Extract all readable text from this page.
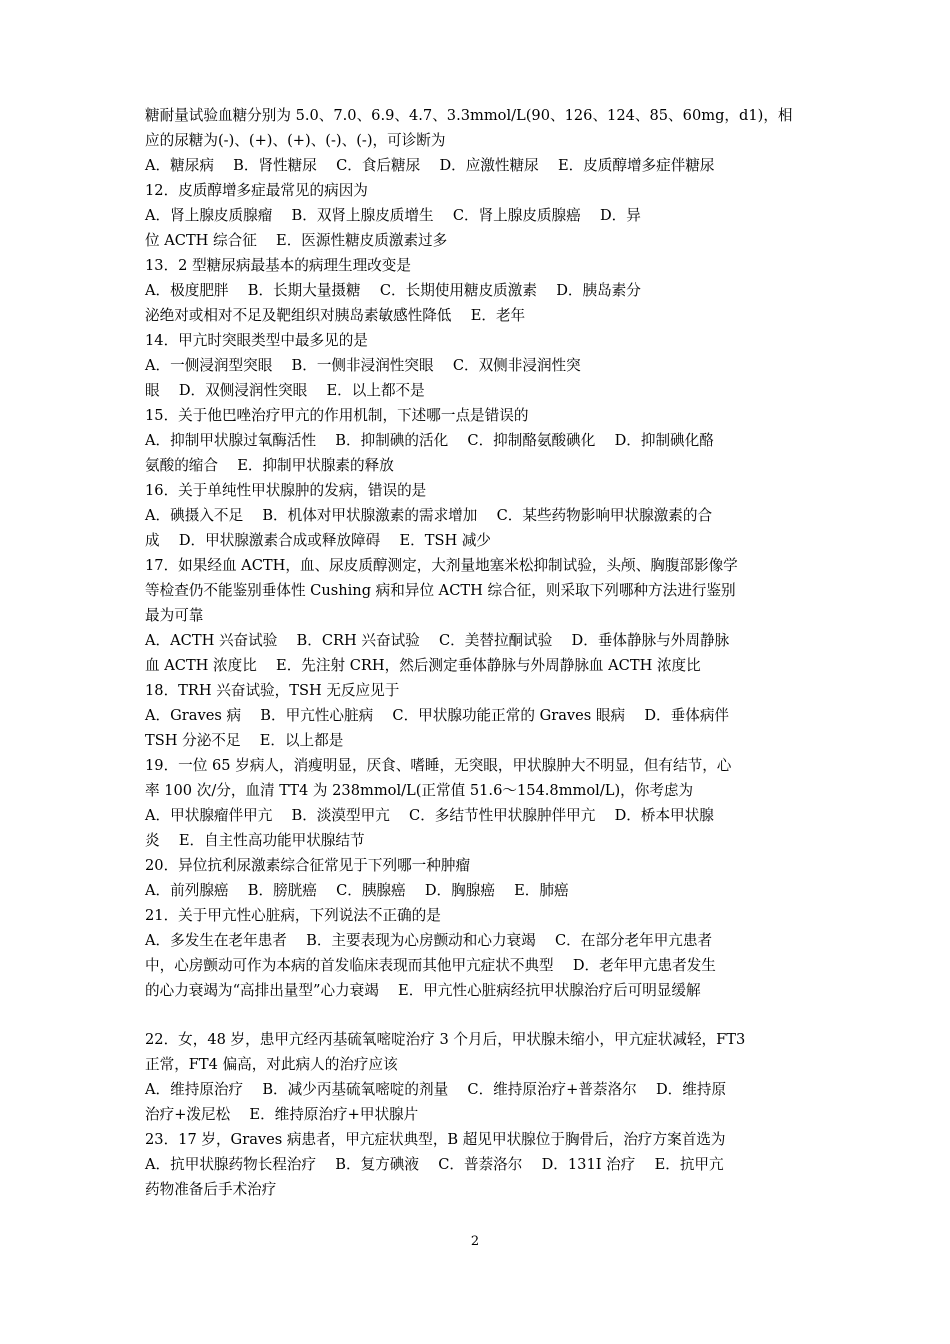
糖耐量试验血糖分别为 5.0、7.0、6.9、4.7、3.3mmol/L(90、126、124、85、60mg，d1)，相
应的尿糖为(-)、(+)、(+)、(-)、(-)，可诊断为
A．糖尿病　 B．肾性糖尿　 C．食后糖尿　 D．应激性糖尿　 E．皮质醇增多症伴糖尿
12．皮质醇增多症最常见的病因为
A．肾上腺皮质腺瘤　 B．双肾上腺皮质增生　 C．肾上腺皮质腺癌　 D．异
位 ACTH 综合征　 E．医源性糖皮质激素过多
13．2 型糖尿病最基本的病理生理改变是
A．极度肥胖　 B．长期大量摄糖　 C．长期使用糖皮质激素　 D．胰岛素分
泌绝对或相对不足及靶组织对胰岛素敏感性降低　 E．老年
14．甲亢时突眼类型中最多见的是
A．一侧浸润型突眼　 B．一侧非浸润性突眼　 C．双侧非浸润性突
眼　 D．双侧浸润性突眼　 E．以上都不是
15．关于他巴唑治疗甲亢的作用机制，下述哪一点是错误的
A．抑制甲状腺过氧酶活性　 B．抑制碘的活化　 C．抑制酪氨酸碘化　 D．抑制碘化酪
氨酸的缩合　 E．抑制甲状腺素的释放
16．关于单纯性甲状腺肿的发病，错误的是
A．碘摄入不足　 B．机体对甲状腺激素的需求增加　 C．某些药物影响甲状腺激素的合
成　 D．甲状腺激素合成或释放障碍　 E．TSH 减少
17．如果经血 ACTH，血、尿皮质醇测定，大剂量地塞米松抑制试验，头颅、胸腹部影像学
等检查仍不能鉴别垂体性 Cushing 病和异位 ACTH 综合征，则采取下列哪种方法进行鉴别
最为可靠
A．ACTH 兴奋试验　 B．CRH 兴奋试验　 C．美替拉酮试验　 D．垂体静脉与外周静脉
血 ACTH 浓度比　 E．先注射 CRH，然后测定垂体静脉与外周静脉血 ACTH 浓度比
18．TRH 兴奋试验，TSH 无反应见于
A．Graves 病　 B．甲亢性心脏病　 C．甲状腺功能正常的 Graves 眼病　 D．垂体病伴
TSH 分泌不足　 E．以上都是
19．一位 65 岁病人，消瘦明显，厌食、嗜睡，无突眼，甲状腺肿大不明显，但有结节，心
率 100 次/分，血清 TT4 为 238mmol/L(正常值 51.6～154.8mmol/L)，你考虑为
A．甲状腺瘤伴甲亢　 B．淡漠型甲亢　 C．多结节性甲状腺肿伴甲亢　 D．桥本甲状腺
炎　 E．自主性高功能甲状腺结节
20．异位抗利尿激素综合征常见于下列哪一种肿瘤
A．前列腺癌　 B．膀胱癌　 C．胰腺癌　 D．胸腺癌　 E．肺癌
21．关于甲亢性心脏病，下列说法不正确的是
A．多发生在老年患者　 B．主要表现为心房颤动和心力衰竭　 C．在部分老年甲亢患者
中，心房颤动可作为本病的首发临床表现而其他甲亢症状不典型　 D．老年甲亢患者发生
的心力衰竭为“高排出量型”心力衰竭　 E．甲亢性心脏病经抗甲状腺治疗后可明显缓解
22．女，48 岁，患甲亢经丙基硫氧嘧啶治疗 3 个月后，甲状腺未缩小，甲亢症状减轻，FT3
正常，FT4 偏高，对此病人的治疗应该
A．维持原治疗　 B．减少丙基硫氧嘧啶的剂量　 C．维持原治疗+普萘洛尔　 D．维持原
治疗+泼尼松　 E．维持原治疗+甲状腺片
23．17 岁，Graves 病患者，甲亢症状典型，B 超见甲状腺位于胸骨后，治疗方案首选为
A．抗甲状腺药物长程治疗　 B．复方碘液　 C．普萘洛尔　 D．131I 治疗　 E．抗甲亢
药物准备后手术治疗
2
